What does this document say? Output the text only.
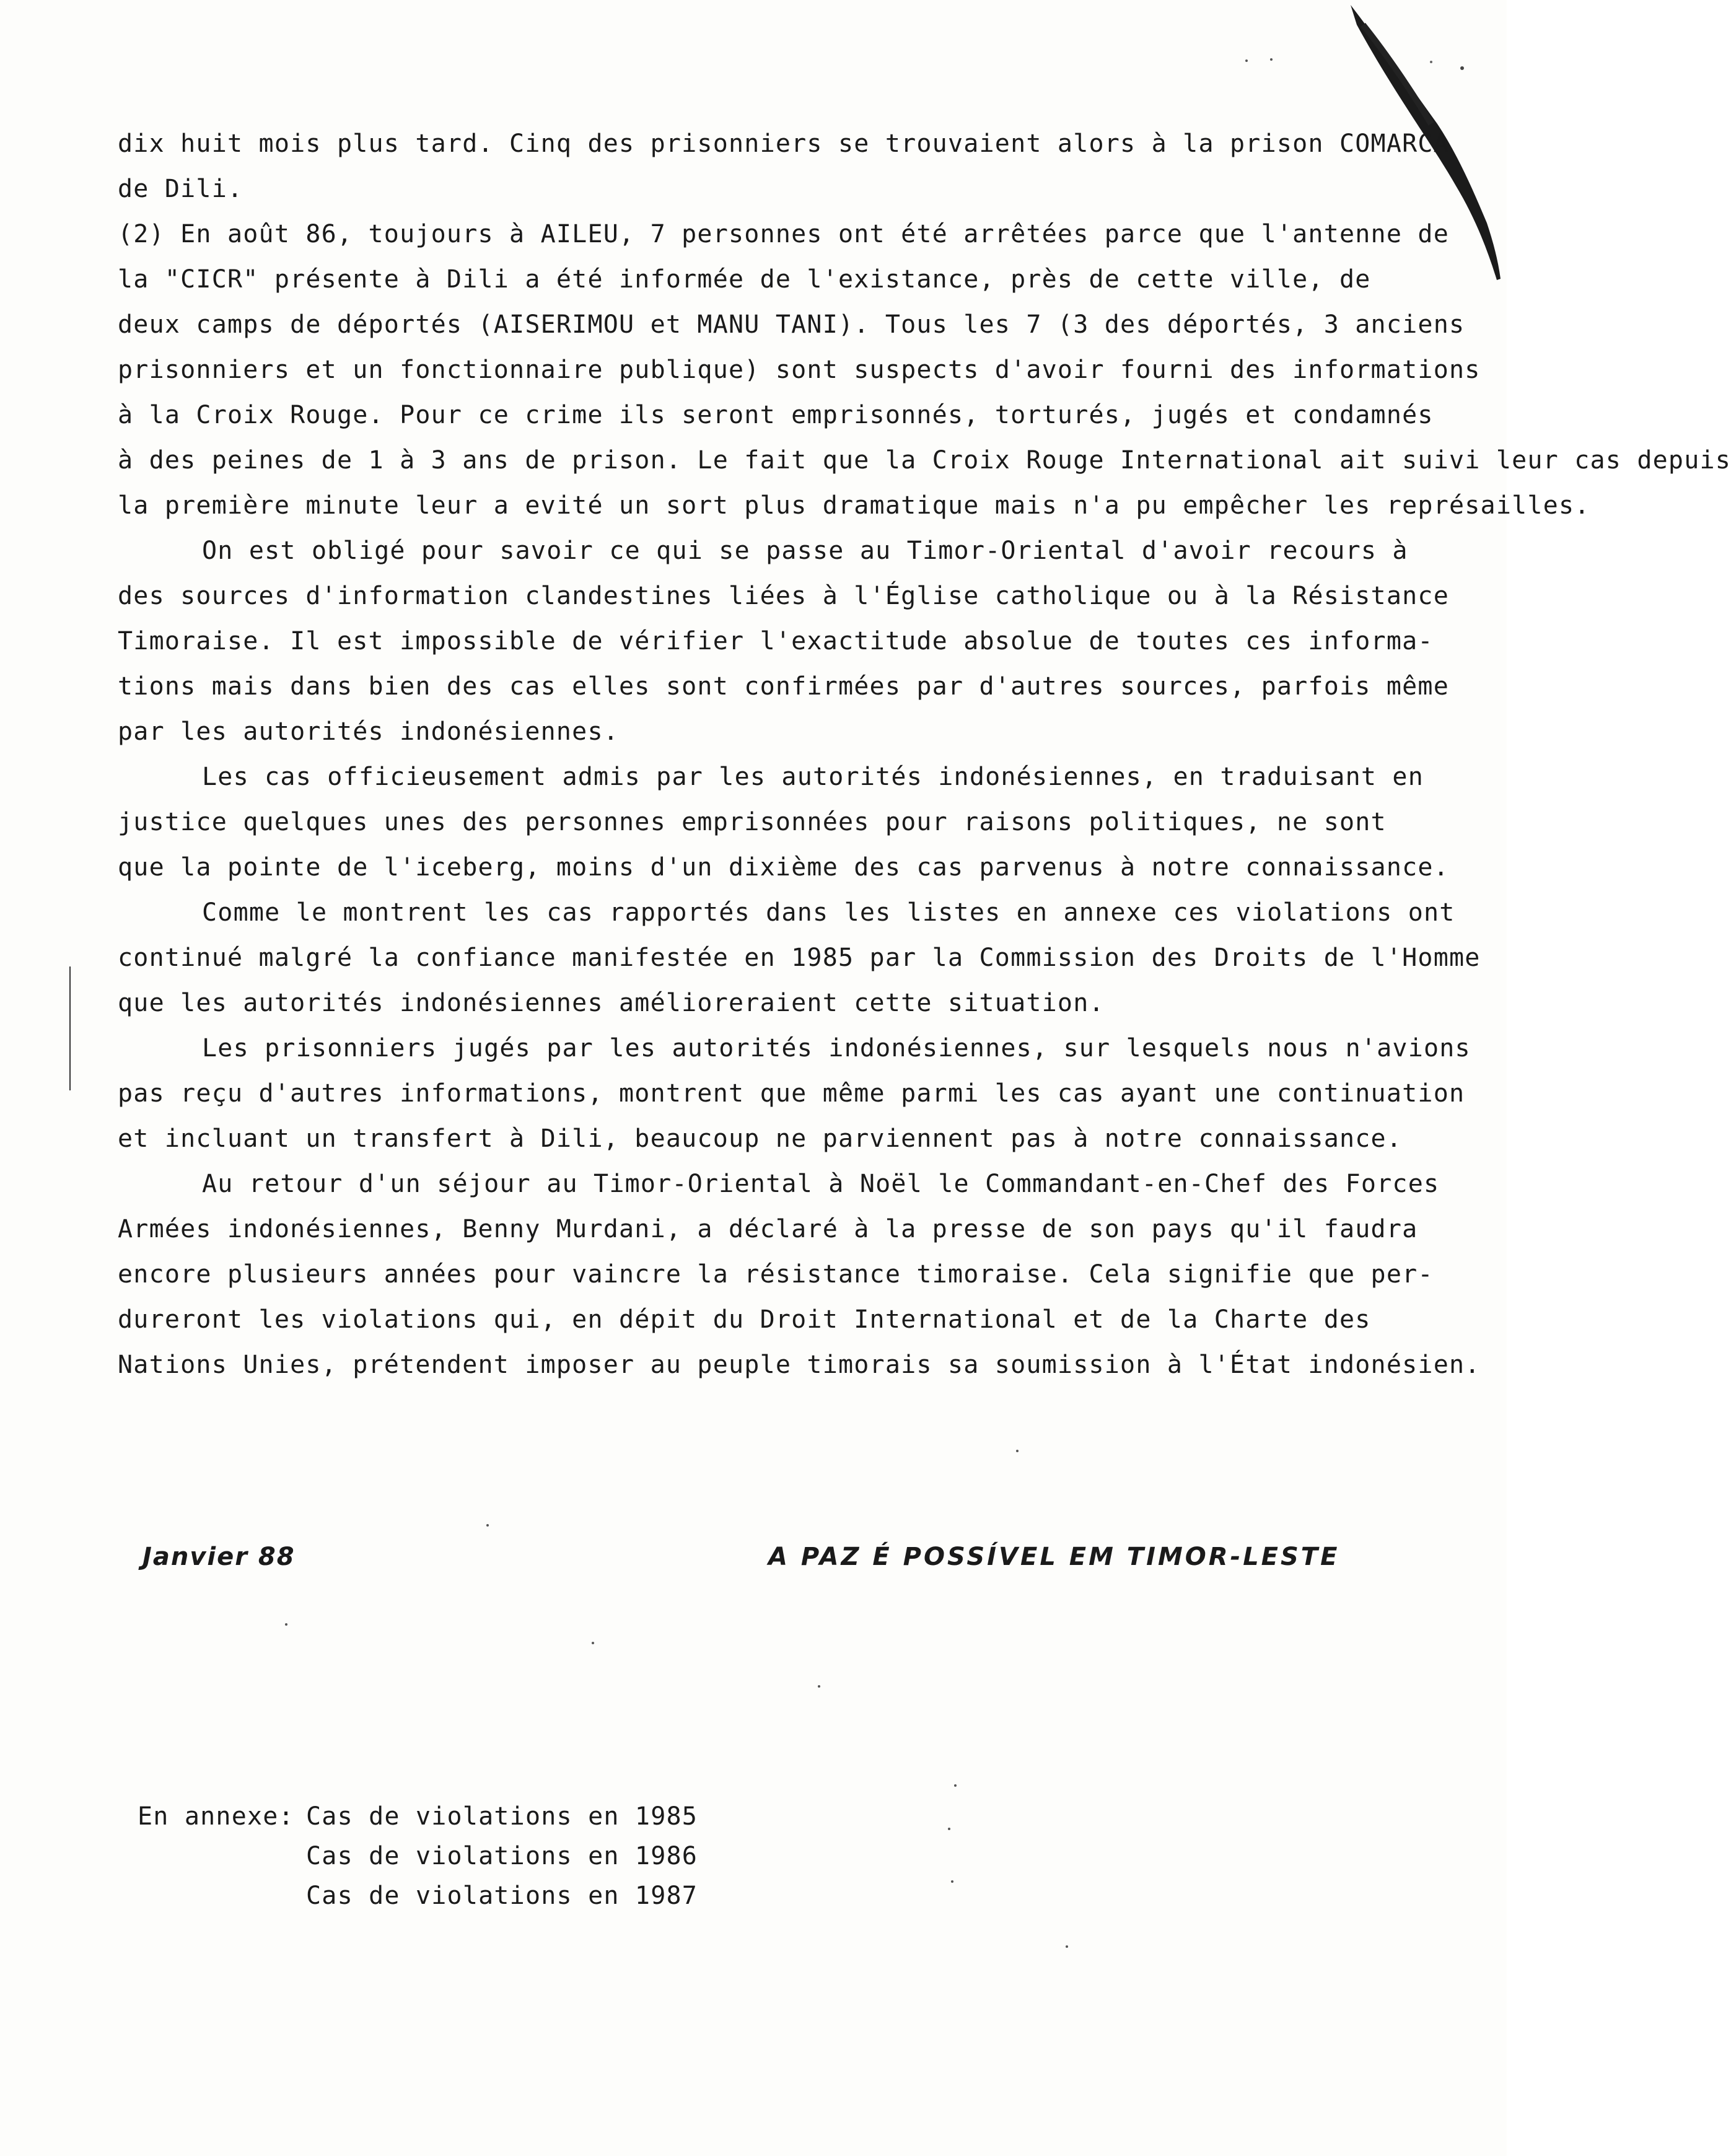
dix huit mois plus tard. Cinq des prisonniers se trouvaient alors à la prison COMARCA
de Dili.
(2) En août 86, toujours à AILEU, 7 personnes ont été arrêtées parce que l'antenne de
la "CICR" présente à Dili a été informée de l'existance, près de cette ville, de
deux camps de déportés (AISERIMOU et MANU TANI). Tous les 7 (3 des déportés, 3 anciens
prisonniers et un fonctionnaire publique) sont suspects d'avoir fourni des informations
à la Croix Rouge. Pour ce crime ils seront emprisonnés, torturés, jugés et condamnés
à des peines de 1 à 3 ans de prison. Le fait que la Croix Rouge International ait suivi leur cas depuis
la première minute leur a evité un sort plus dramatique mais n'a pu empêcher les représailles.
On est obligé pour savoir ce qui se passe au Timor-Oriental d'avoir recours à
des sources d'information clandestines liées à l'Église catholique ou à la Résistance
Timoraise. Il est impossible de vérifier l'exactitude absolue de toutes ces informa-
tions mais dans bien des cas elles sont confirmées par d'autres sources, parfois même
par les autorités indonésiennes.
Les cas officieusement admis par les autorités indonésiennes, en traduisant en
justice quelques unes des personnes emprisonnées pour raisons politiques, ne sont
que la pointe de l'iceberg, moins d'un dixième des cas parvenus à notre connaissance.
Comme le montrent les cas rapportés dans les listes en annexe ces violations ont
continué malgré la confiance manifestée en 1985 par la Commission des Droits de l'Homme
que les autorités indonésiennes amélioreraient cette situation.
Les prisonniers jugés par les autorités indonésiennes, sur lesquels nous n'avions
pas reçu d'autres informations, montrent que même parmi les cas ayant une continuation
et incluant un transfert à Dili, beaucoup ne parviennent pas à notre connaissance.
Au retour d'un séjour au Timor-Oriental à Noël le Commandant-en-Chef des Forces
Armées indonésiennes, Benny Murdani, a déclaré à la presse de son pays qu'il faudra
encore plusieurs années pour vaincre la résistance timoraise. Cela signifie que per-
dureront les violations qui, en dépit du Droit International et de la Charte des
Nations Unies, prétendent imposer au peuple timorais sa soumission à l'État indonésien.
Janvier 88	A PAZ É POSSÍVEL EM TIMOR-LESTE
En annexe: Cas de violations en 1985
Cas de violations en 1986
Cas de violations en 1987
